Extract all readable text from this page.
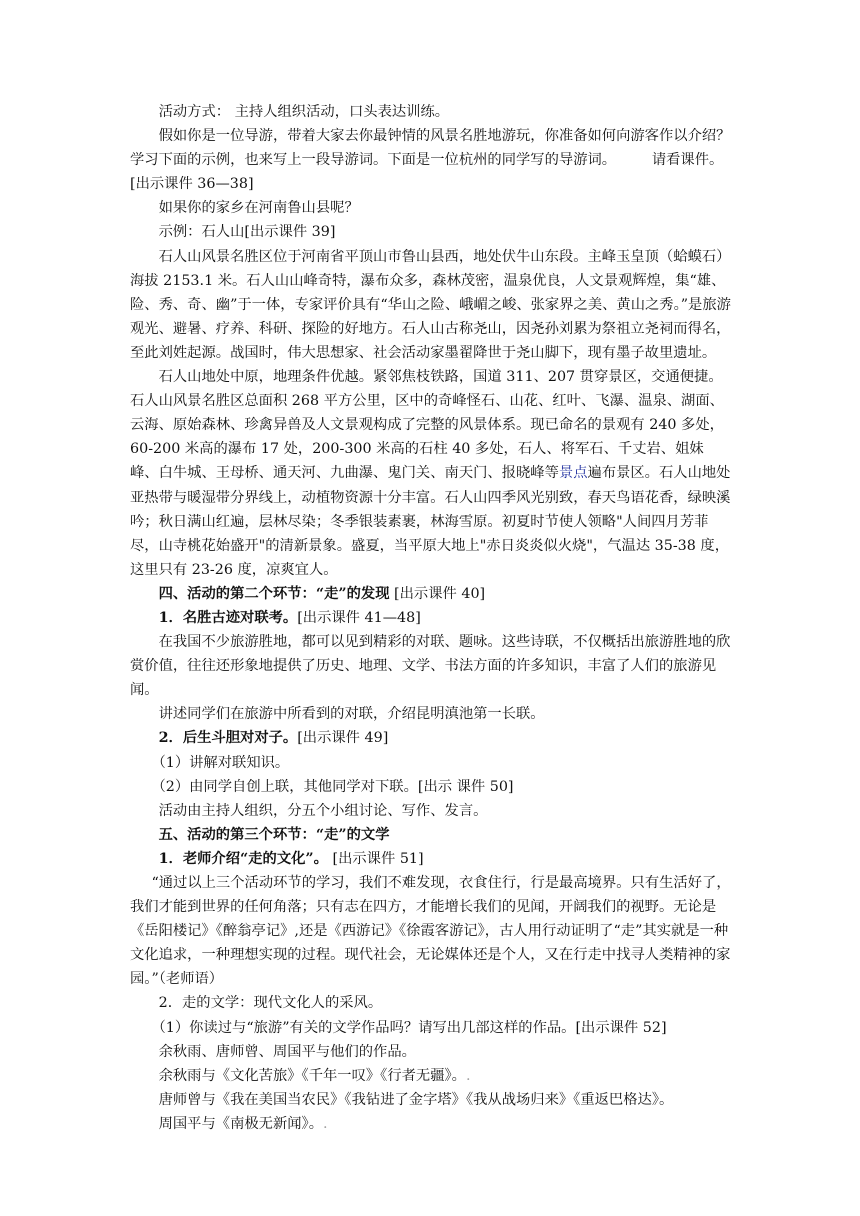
活动方式： 主持人组织活动，口头表达训练。

假如你是一位导游，带着大家去你最钟情的风景名胜地游玩，你准备如何向游客作以介绍？学习下面的示例，也来写上一段导游词。下面是一位杭州的同学写的导游词。　　　请看课件。[出示课件 36—38]

如果你的家乡在河南鲁山县呢？

示例：石人山[出示课件 39]

石人山风景名胜区位于河南省平顶山市鲁山县西，地处伏牛山东段。主峰玉皇顶（蛤蟆石）海拔 2153.1 米。石人山山峰奇特，瀑布众多，森林茂密，温泉优良，人文景观辉煌，集“雄、险、秀、奇、幽”于一体，专家评价具有“华山之险、峨嵋之峻、张家界之美、黄山之秀。”是旅游观光、避暑、疗养、科研、探险的好地方。石人山古称尧山，因尧孙刘累为祭祖立尧祠而得名，至此刘姓起源。战国时，伟大思想家、社会活动家墨翟降世于尧山脚下，现有墨子故里遗址。

石人山地处中原，地理条件优越。紧邻焦枝铁路，国道 311、207 贯穿景区，交通便捷。石人山风景名胜区总面积 268 平方公里，区中的奇峰怪石、山花、红叶、飞瀑、温泉、湖面、云海、原始森林、珍禽异兽及人文景观构成了完整的风景体系。现已命名的景观有 240 多处，60-200 米高的瀑布 17 处，200-300 米高的石柱 40 多处，石人、将军石、千丈岩、姐妹峰、白牛城、王母桥、通天河、九曲瀑、鬼门关、南天门、报晓峰等景点遍布景区。石人山地处亚热带与暖湿带分界线上，动植物资源十分丰富。石人山四季风光别致，春天鸟语花香，绿映溪吟；秋日满山红遍，层林尽染；冬季银装素裹，林海雪原。初夏时节使人领略"人间四月芳菲尽，山寺桃花始盛开"的清新景象。盛夏，当平原大地上"赤日炎炎似火烧"，气温达 35-38 度，这里只有 23-26 度，凉爽宜人。

四、活动的第二个环节：“走”的发现 [出示课件 40]

1．名胜古迹对联考。[出示课件 41—48]

在我国不少旅游胜地，都可以见到精彩的对联、题咏。这些诗联，不仅概括出旅游胜地的欣赏价值，往往还形象地提供了历史、地理、文学、书法方面的许多知识，丰富了人们的旅游见闻。

讲述同学们在旅游中所看到的对联，介绍昆明滇池第一长联。

2．后生斗胆对对子。[出示课件 49]

（1）讲解对联知识。

（2）由同学自创上联，其他同学对下联。[出示 课件 50]

活动由主持人组织，分五个小组讨论、写作、发言。

五、活动的第三个环节：“走”的文学

1．老师介绍“走的文化”。 [出示课件 51]

“通过以上三个活动环节的学习，我们不难发现，衣食住行，行是最高境界。只有生活好了，我们才能到世界的任何角落；只有志在四方，才能增长我们的见闻，开阔我们的视野。无论是《岳阳楼记》《醉翁亭记》,还是《西游记》《徐霞客游记》，古人用行动证明了“走”其实就是一种文化追求，一种理想实现的过程。现代社会，无论媒体还是个人，又在行走中找寻人类精神的家园。”（老师语）

2．走的文学：现代文化人的采风。

（1）你读过与“旅游”有关的文学作品吗？请写出几部这样的作品。[出示课件 52]

余秋雨、唐师曾、周国平与他们的作品。

余秋雨与《文化苦旅》《千年一叹》《行者无疆》。.

唐师曾与《我在美国当农民》《我钻进了金字塔》《我从战场归来》《重返巴格达》。

周国平与《南极无新闻》。.
